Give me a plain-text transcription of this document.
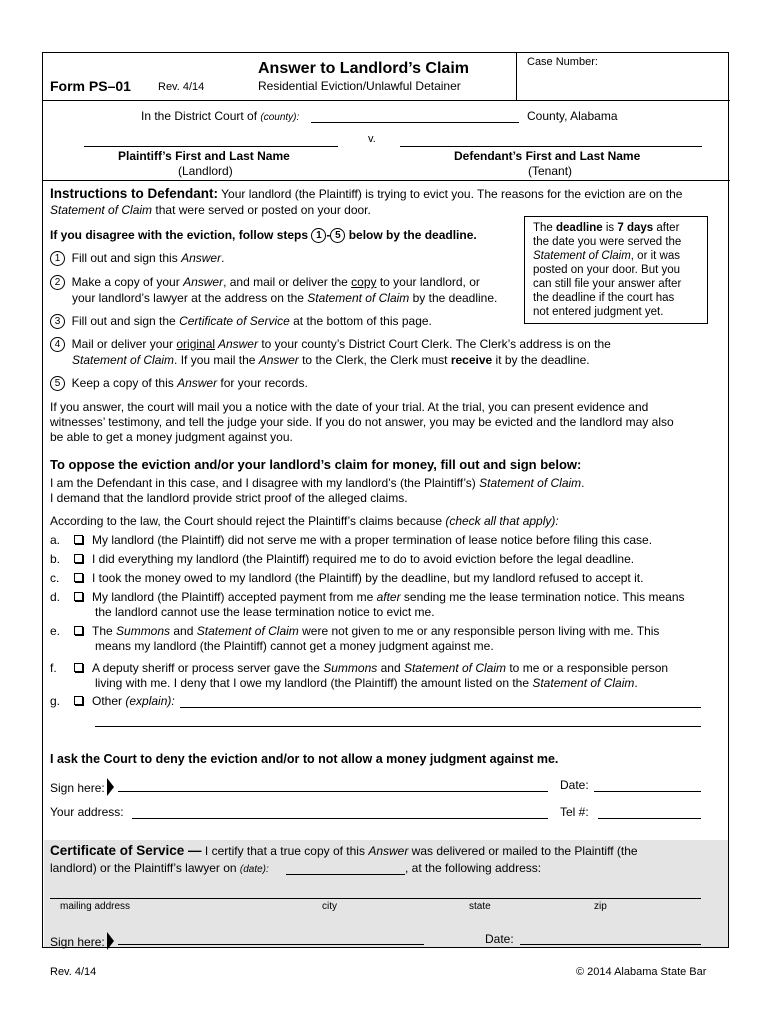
Form PS–01 Rev. 4/14
Answer to Landlord’s Claim
Residential Eviction/Unlawful Detainer
Case Number:
In the District Court of (county):	County, Alabama
v.
Plaintiff’s First and Last Name
(Landlord)
Defendant’s First and Last Name
(Tenant)
Instructions to Defendant: Your landlord (the Plaintiff) is trying to evict you. The reasons for the eviction are on the
Statement of Claim that were served or posted on your door.
If you disagree with the eviction, follow steps 1 - 5 below by the deadline.
1 Fill out and sign this Answer.
2 Make a copy of your Answer, and mail or deliver the copy to your landlord, or
your landlord’s lawyer at the address on the Statement of Claim by the deadline.
3 Fill out and sign the Certificate of Service at the bottom of this page.
4 Mail or deliver your original Answer to your county’s District Court Clerk. The Clerk’s address is on the
Statement of Claim. If you mail the Answer to the Clerk, the Clerk must receive it by the deadline.
5 Keep a copy of this Answer for your records.
If you answer, the court will mail you a notice with the date of your trial. At the trial, you can present evidence and
witnesses’ testimony, and tell the judge your side. If you do not answer, you may be evicted and the landlord may also
be able to get a money judgment against you.
The deadline is 7 days after
the date you were served the
Statement of Claim, or it was
posted on your door. But you
can still file your answer after
the deadline if the court has
not entered judgment yet.
To oppose the eviction and/or your landlord’s claim for money, fill out and sign below:
I am the Defendant in this case, and I disagree with my landlord’s (the Plaintiff’s) Statement of Claim.
I demand that the landlord provide strict proof of the alleged claims.
According to the law, the Court should reject the Plaintiff’s claims because (check all that apply):
a.	My landlord (the Plaintiff) did not serve me with a proper termination of lease notice before filing this case.
b.	I did everything my landlord (the Plaintiff) required me to do to avoid eviction before the legal deadline.
c.	I took the money owed to my landlord (the Plaintiff) by the deadline, but my landlord refused to accept it.
d.	My landlord (the Plaintiff) accepted payment from me after sending me the lease termination notice. This means
the landlord cannot use the lease termination notice to evict me.
e.	The Summons and Statement of Claim were not given to me or any responsible person living with me. This
means my landlord (the Plaintiff) cannot get a money judgment against me.
f.	A deputy sheriff or process server gave the Summons and Statement of Claim to me or a responsible person
living with me. I deny that I owe my landlord (the Plaintiff) the amount listed on the Statement of Claim.
g.	Other (explain):
I ask the Court to deny the eviction and/or to not allow a money judgment against me.
Sign here:	Date:
Your address:	Tel #:
Certificate of Service — I certify that a true copy of this Answer was delivered or mailed to the Plaintiff (the
landlord) or the Plaintiff’s lawyer on (date):	, at the following address:
mailing address	city	state	zip
Sign here:	Date:
Rev. 4/14	© 2014 Alabama State Bar
